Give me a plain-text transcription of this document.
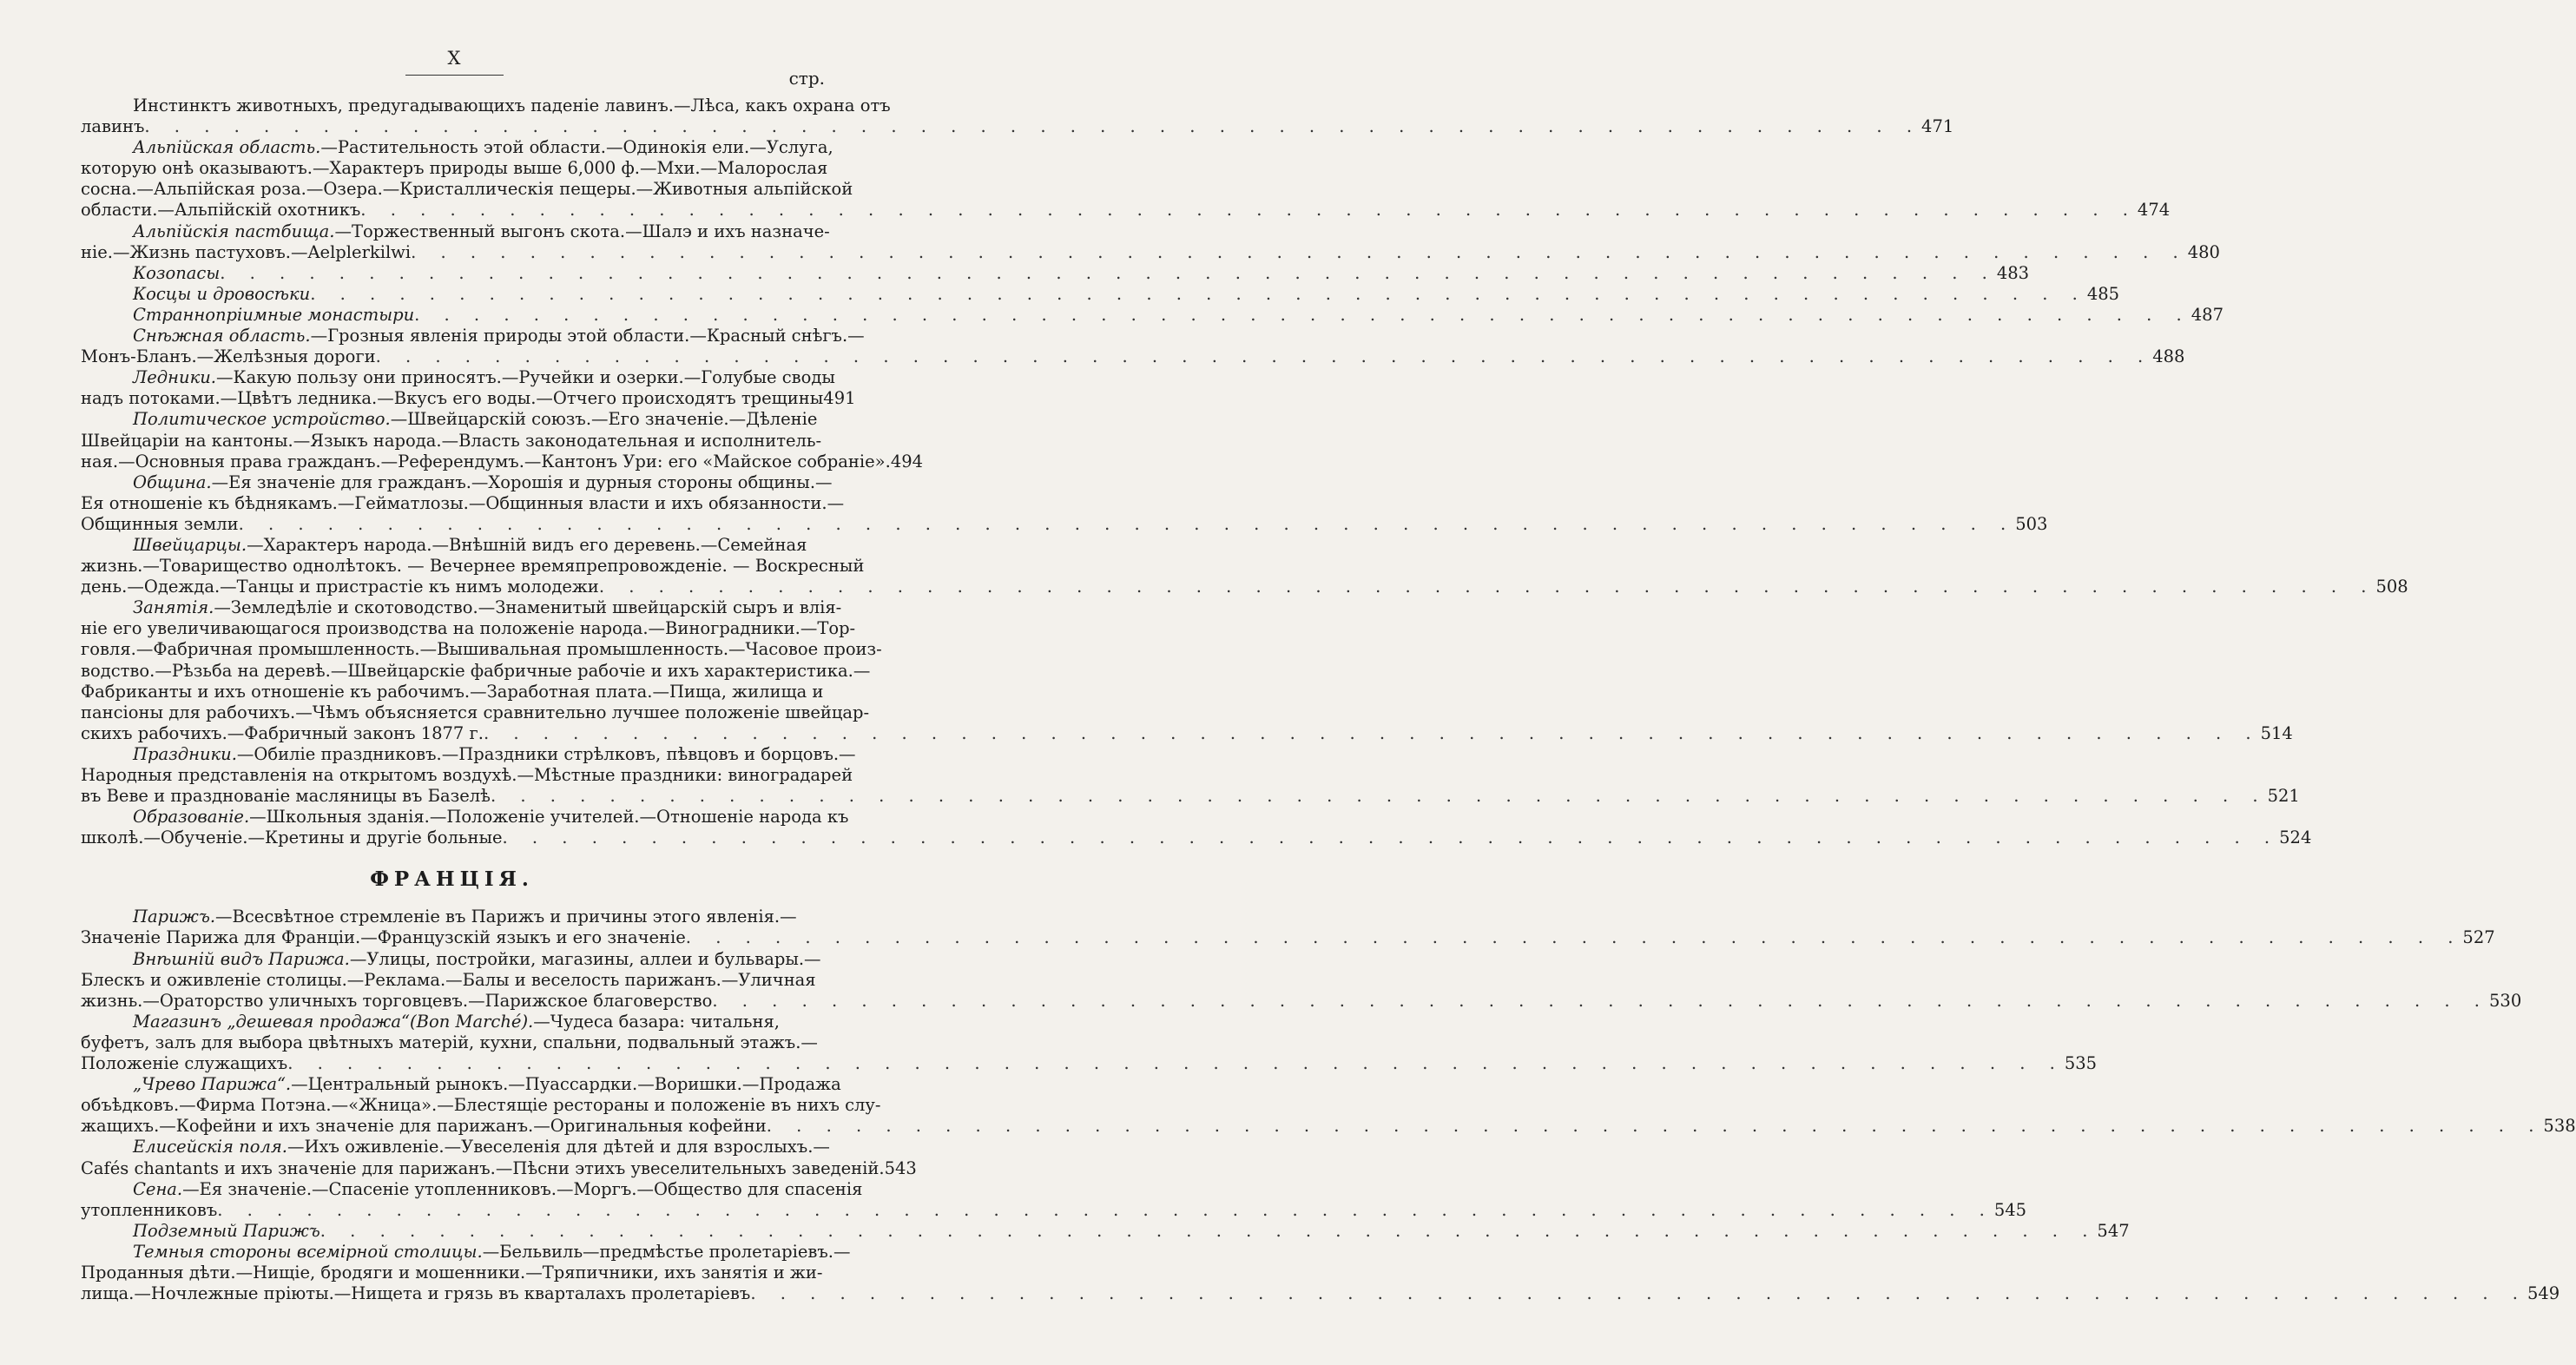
X
стр.
Инстинктъ животныхъ, предугадывающихъ паденіе лавинъ.—Лѣса, какъ охрана отъ
лавинъ . . . . . . . . . . . . . . . . . . . . . . . . . . . . . . . . . . . . . . . . . . . . . . . . . . . . . . . . . . . . 471
Альпійская область.—Растительность этой области.—Одинокія ели.—Услуга,
которую онѣ оказываютъ.—Характеръ природы выше 6,000 ф.—Мхи.—Малорослая
сосна.—Альпійская роза.—Озера.—Кристаллическія пещеры.—Животныя альпійской
области.—Альпійскій охотникъ . . . . . . . . . . . . . . . . . . . . . . . . . . . . . . . . . . . . . . . . . . . . . . . . . . . . . . . . . . . . 474
Альпійскія пастбища.—Торжественный выгонъ скота.—Шалэ и ихъ назначе-
ніе.—Жизнь пастуховъ.—Aelplerkilwi . . . . . . . . . . . . . . . . . . . . . . . . . . . . . . . . . . . . . . . . . . . . . . . . . . . . . . . . . . . . 480
Козопасы . . . . . . . . . . . . . . . . . . . . . . . . . . . . . . . . . . . . . . . . . . . . . . . . . . . . . . . . . . . . 483
Косцы и дровосѣки . . . . . . . . . . . . . . . . . . . . . . . . . . . . . . . . . . . . . . . . . . . . . . . . . . . . . . . . . . . . 485
Страннопріимные монастыри . . . . . . . . . . . . . . . . . . . . . . . . . . . . . . . . . . . . . . . . . . . . . . . . . . . . . . . . . . . . 487
Снѣжная область.—Грозныя явленія природы этой области.—Красный снѣгъ.—
Монъ-Бланъ.—Желѣзныя дороги . . . . . . . . . . . . . . . . . . . . . . . . . . . . . . . . . . . . . . . . . . . . . . . . . . . . . . . . . . . . 488
Ледники.—Какую пользу они приносятъ.—Ручейки и озерки.—Голубые своды
надъ потоками.—Цвѣтъ ледника.—Вкусъ его воды.—Отчего происходятъ трещины 491
Политическое устройство.—Швейцарскій союзъ.—Его значеніе.—Дѣленіе
Швейцаріи на кантоны.—Языкъ народа.—Власть законодательная и исполнитель-
ная.—Основныя права гражданъ.—Референдумъ.—Кантонъ Ури: его «Майское собраніе». 494
Община.—Ея значеніе для гражданъ.—Хорошія и дурныя стороны общины.—
Ея отношеніе къ бѣднякамъ.—Гейматлозы.—Общинныя власти и ихъ обязанности.—
Общинныя земли . . . . . . . . . . . . . . . . . . . . . . . . . . . . . . . . . . . . . . . . . . . . . . . . . . . . . . . . . . . . 503
Швейцарцы.—Характеръ народа.—Внѣшній видъ его деревень.—Семейная
жизнь.—Товарищество однолѣтокъ. — Вечернее времяпрепровожденіе. — Воскресный
день.—Одежда.—Танцы и пристрастіе къ нимъ молодежи . . . . . . . . . . . . . . . . . . . . . . . . . . . . . . . . . . . . . . . . . . . . . . . . . . . . . . . . . . . . 508
Занятія.—Земледѣліе и скотоводство.—Знаменитый швейцарскій сыръ и влія-
ніе его увеличивающагося производства на положеніе народа.—Виноградники.—Тор-
говля.—Фабричная промышленность.—Вышивальная промышленность.—Часовое произ-
водство.—Рѣзьба на деревѣ.—Швейцарскіе фабричные рабочіе и ихъ характеристика.—
Фабриканты и ихъ отношеніе къ рабочимъ.—Заработная плата.—Пища, жилища и
пансіоны для рабочихъ.—Чѣмъ объясняется сравнительно лучшее положеніе швейцар-
скихъ рабочихъ.—Фабричный законъ 1877 г. . . . . . . . . . . . . . . . . . . . . . . . . . . . . . . . . . . . . . . . . . . . . . . . . . . . . . . . . . . . . 514
Праздники.—Обиліе праздниковъ.—Праздники стрѣлковъ, пѣвцовъ и борцовъ.—
Народныя представленія на открытомъ воздухѣ.—Мѣстные праздники: виноградарей
въ Веве и празднованіе масляницы въ Базелѣ . . . . . . . . . . . . . . . . . . . . . . . . . . . . . . . . . . . . . . . . . . . . . . . . . . . . . . . . . . . . 521
Образованіе.—Школьныя зданія.—Положеніе учителей.—Отношеніе народа къ
школѣ.—Обученіе.—Кретины и другіе больные . . . . . . . . . . . . . . . . . . . . . . . . . . . . . . . . . . . . . . . . . . . . . . . . . . . . . . . . . . . . 524
ФРАНЦІЯ.
Парижъ.—Всесвѣтное стремленіе въ Парижъ и причины этого явленія.—
Значеніе Парижа для Франціи.—Французскій языкъ и его значеніе . . . . . . . . . . . . . . . . . . . . . . . . . . . . . . . . . . . . . . . . . . . . . . . . . . . . . . . . . . . . 527
Внѣшній видъ Парижа.—Улицы, постройки, магазины, аллеи и бульвары.—
Блескъ и оживленіе столицы.—Реклама.—Балы и веселость парижанъ.—Уличная
жизнь.—Ораторство уличныхъ торговцевъ.—Парижское благоверство . . . . . . . . . . . . . . . . . . . . . . . . . . . . . . . . . . . . . . . . . . . . . . . . . . . . . . . . . . . . 530
Магазинъ „дешевая продажа“(Bon Marché).—Чудеса базара: читальня,
буфетъ, залъ для выбора цвѣтныхъ матерій, кухни, спальни, подвальный этажъ.—
Положеніе служащихъ . . . . . . . . . . . . . . . . . . . . . . . . . . . . . . . . . . . . . . . . . . . . . . . . . . . . . . . . . . . . 535
„Чрево Парижа“.—Центральный рынокъ.—Пуассардки.—Воришки.—Продажа
объѣдковъ.—Фирма Потэна.—«Жница».—Блестящіе рестораны и положеніе въ нихъ слу-
жащихъ.—Кофейни и ихъ значеніе для парижанъ.—Оригинальныя кофейни . . . . . . . . . . . . . . . . . . . . . . . . . . . . . . . . . . . . . . . . . . . . . . . . . . . . . . . . . . . . 538
Елисейскія поля.—Ихъ оживленіе.—Увеселенія для дѣтей и для взрослыхъ.—
Cafés chantants и ихъ значеніе для парижанъ.—Пѣсни этихъ увеселительныхъ заведеній. 543
Сена.—Ея значеніе.—Спасеніе утопленниковъ.—Моргъ.—Общество для спасенія
утопленниковъ . . . . . . . . . . . . . . . . . . . . . . . . . . . . . . . . . . . . . . . . . . . . . . . . . . . . . . . . . . . . 545
Подземный Парижъ . . . . . . . . . . . . . . . . . . . . . . . . . . . . . . . . . . . . . . . . . . . . . . . . . . . . . . . . . . . . 547
Темныя стороны всемірной столицы.—Бельвиль—предмѣстье пролетаріевъ.—
Проданныя дѣти.—Нищіе, бродяги и мошенники.—Тряпичники, ихъ занятія и жи-
лища.—Ночлежные пріюты.—Нищета и грязь въ кварталахъ пролетаріевъ . . . . . . . . . . . . . . . . . . . . . . . . . . . . . . . . . . . . . . . . . . . . . . . . . . . . . . . . . . . . 549
